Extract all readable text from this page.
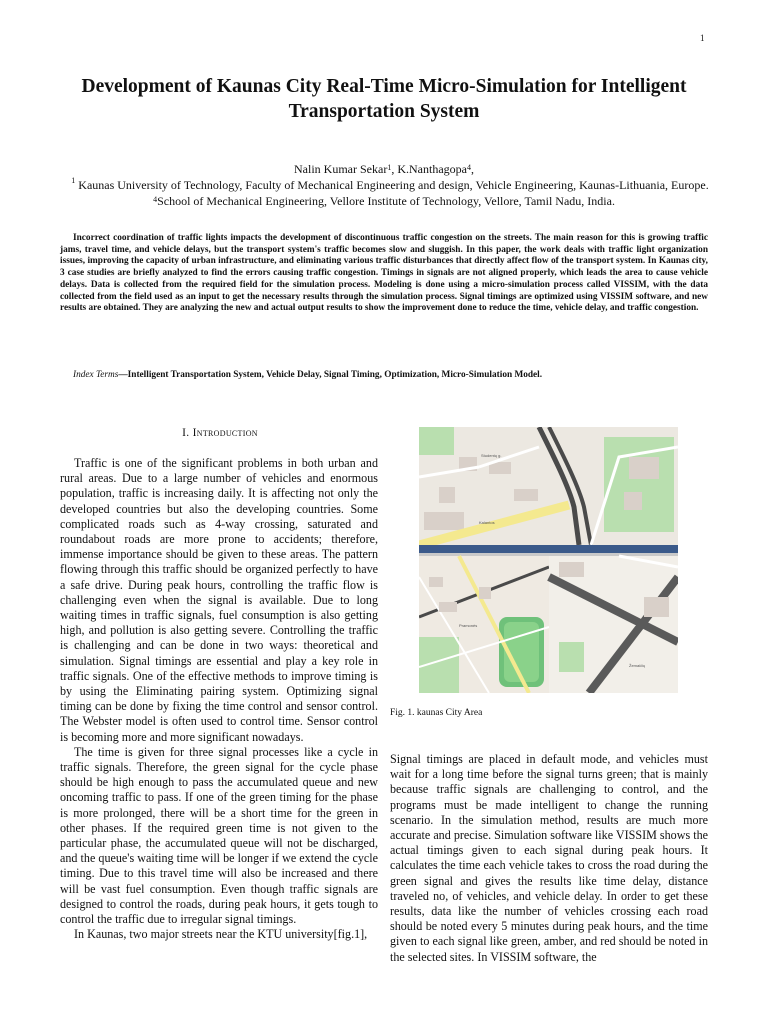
1
Development of Kaunas City Real-Time Micro-Simulation for Intelligent Transportation System
Nalin Kumar Sekar$^1$, K.Nanthagopa$^4$,
$^1$ Kaunas University of Technology, Faculty of Mechanical Engineering and design, Vehicle Engineering, Kaunas-Lithuania, Europe.
$^4$School of Mechanical Engineering, Vellore Institute of Technology, Vellore, Tamil Nadu, India.
Incorrect coordination of traffic lights impacts the development of discontinuous traffic congestion on the streets. The main reason for this is growing traffic jams, travel time, and vehicle delays, but the transport system's traffic becomes slow and sluggish. In this paper, the work deals with traffic light organization issues, improving the capacity of urban infrastructure, and eliminating various traffic disturbances that directly affect flow of the transport system. In Kaunas city, 3 case studies are briefly analyzed to find the errors causing traffic congestion. Timings in signals are not aligned properly, which leads the area to cause vehicle delays. Data is collected from the required field for the simulation process. Modeling is done using a micro-simulation process called VISSIM, with the data collected from the field used as an input to get the necessary results through the simulation process. Signal timings are optimized using VISSIM software, and new results are obtained. They are analyzing the new and actual output results to show the improvement done to reduce the time, vehicle delay, and traffic congestion.
Index Terms—Intelligent Transportation System, Vehicle Delay, Signal Timing, Optimization, Micro-Simulation Model.
I. Introduction

Traffic is one of the significant problems in both urban and rural areas. Due to a large number of vehicles and enormous population, traffic is increasing daily. It is affecting not only the developed countries but also the developing countries. Some complicated roads such as 4-way crossing, saturated and roundabout roads are more prone to accidents; therefore, immense importance should be given to these areas. The pattern flowing through this traffic should be organized perfectly to have a safe drive. During peak hours, controlling the traffic flow is challenging even when the signal is available. Due to long waiting times in traffic signals, fuel consumption is also getting high, and pollution is also getting severe. Controlling the traffic is challenging and can be done in two ways: theoretical and simulation. Signal timings are essential and play a key role in traffic signals. One of the effective methods to improve timing is by using the Eliminating pairing system. Optimizing signal timing can be done by fixing the time control and sensor control. The Webster model is often used to control time. Sensor control is becoming more and more significant nowadays.

The time is given for three signal processes like a cycle in traffic signals. Therefore, the green signal for the cycle phase should be high enough to pass the accumulated queue and new oncoming traffic to pass. If one of the green timing for the phase is more prolonged, there will be a short time for the green in other phases. If the required green time is not given to the particular phase, the accumulated queue will not be discharged, and the queue's waiting time will be longer if we extend the cycle timing. Due to this travel time will also be increased and there will be vast fuel consumption. Even though traffic signals are designed to control the roads, during peak hours, it gets tough to control the traffic due to irregular signal timings.

In Kaunas, two major streets near the KTU university[fig.1],

Kalantos
Studentų g.
Pramonės
Žemaičių
Fig. 1. kaunas City Area

Signal timings are placed in default mode, and vehicles must wait for a long time before the signal turns green; that is mainly because traffic signals are challenging to control, and the programs must be made intelligent to change the running scenario. In the simulation method, results are much more accurate and precise. Simulation software like VISSIM shows the actual timings given to each signal during peak hours. It calculates the time each vehicle takes to cross the road during the green signal and gives the results like time delay, distance traveled no, of vehicles, and vehicle delay. In order to get these results, data like the number of vehicles crossing each road should be noted every 5 minutes during peak hours, and the time given to each signal like green, amber, and red should be noted in the selected sites. In VISSIM software, the
